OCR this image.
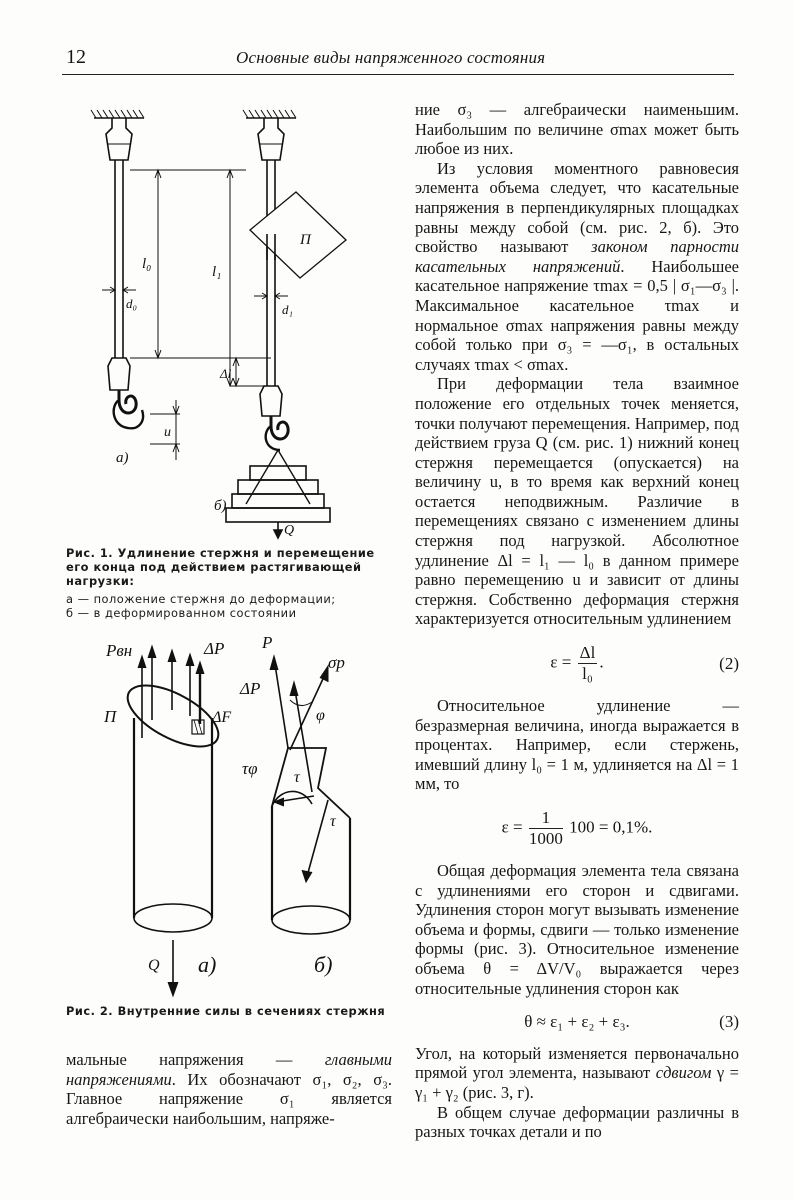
12	Основные виды напряженного состояния
l₀	l₁
d₀	d₁
Δl
u
а)
б)
Q
П
Рис. 1. Удлинение стержня и перемещение его конца под действием растягивающей нагрузки:
а — положение стержня до деформации;
б — в деформированном состоянии
Pвн	ΔP
П	ΔF
P
σp
ΔP
φ
τφ τ
τ
Q а)	б)
Рис. 2. Внутренние силы в сечениях стержня

мальные напряжения — главными напряжениями. Их обозначают σ₁, σ₂, σ₃. Главное напряжение σ₁ является алгебраически наибольшим, напряже-

ние σ₃ — алгебраически наименьшим. Наибольшим по величине σmax может быть любое из них.

Из условия моментного равновесия элемента объема следует, что касательные напряжения в перпендикулярных площадках равны между собой (см. рис. 2, б). Это свойство называют законом парности касательных напряжений. Наибольшее касательное напряжение τmax = 0,5 | σ₁—σ₃ |. Максимальное касательное τmax и нормальное σmax напряжения равны между собой только при σ₃ = —σ₁, в остальных случаях τmax < σmax.

При деформации тела взаимное положение его отдельных точек меняется, точки получают перемещения. Например, под действием груза Q (см. рис. 1) нижний конец стержня перемещается (опускается) на величину u, в то время как верхний конец остается неподвижным. Различие в перемещениях связано с изменением длины стержня под нагрузкой. Абсолютное удлинение Δl = l₁ — l₀ в данном примере равно перемещению u и зависит от длины стержня. Собственно деформация стержня характеризуется относительным удлинением

$\varepsilon = \frac{\Delta l}{\text{l₀}}$ .	(2)

Относительное удлинение — безразмерная величина, иногда выражается в процентах. Например, если стержень, имевший длину l₀ = 1 м, удлиняется на Δl = 1 мм, то

$\varepsilon = \frac{1}{1000} 100 = 0,1\%$.

Общая деформация элемента тела связана с удлинениями его сторон и сдвигами. Удлинения сторон могут вызывать изменение объема и формы, сдвиги — только изменение формы (рис. 3). Относительное изменение объема θ = ΔV/V₀ выражается через относительные удлинения сторон как

θ ≈ ε₁ + ε₂ + ε₃.	(3)

Угол, на который изменяется первоначально прямой угол элемента, называют сдвигом γ = γ₁ + γ₂ (рис. 3, г).

В общем случае деформации различны в разных точках детали и по
